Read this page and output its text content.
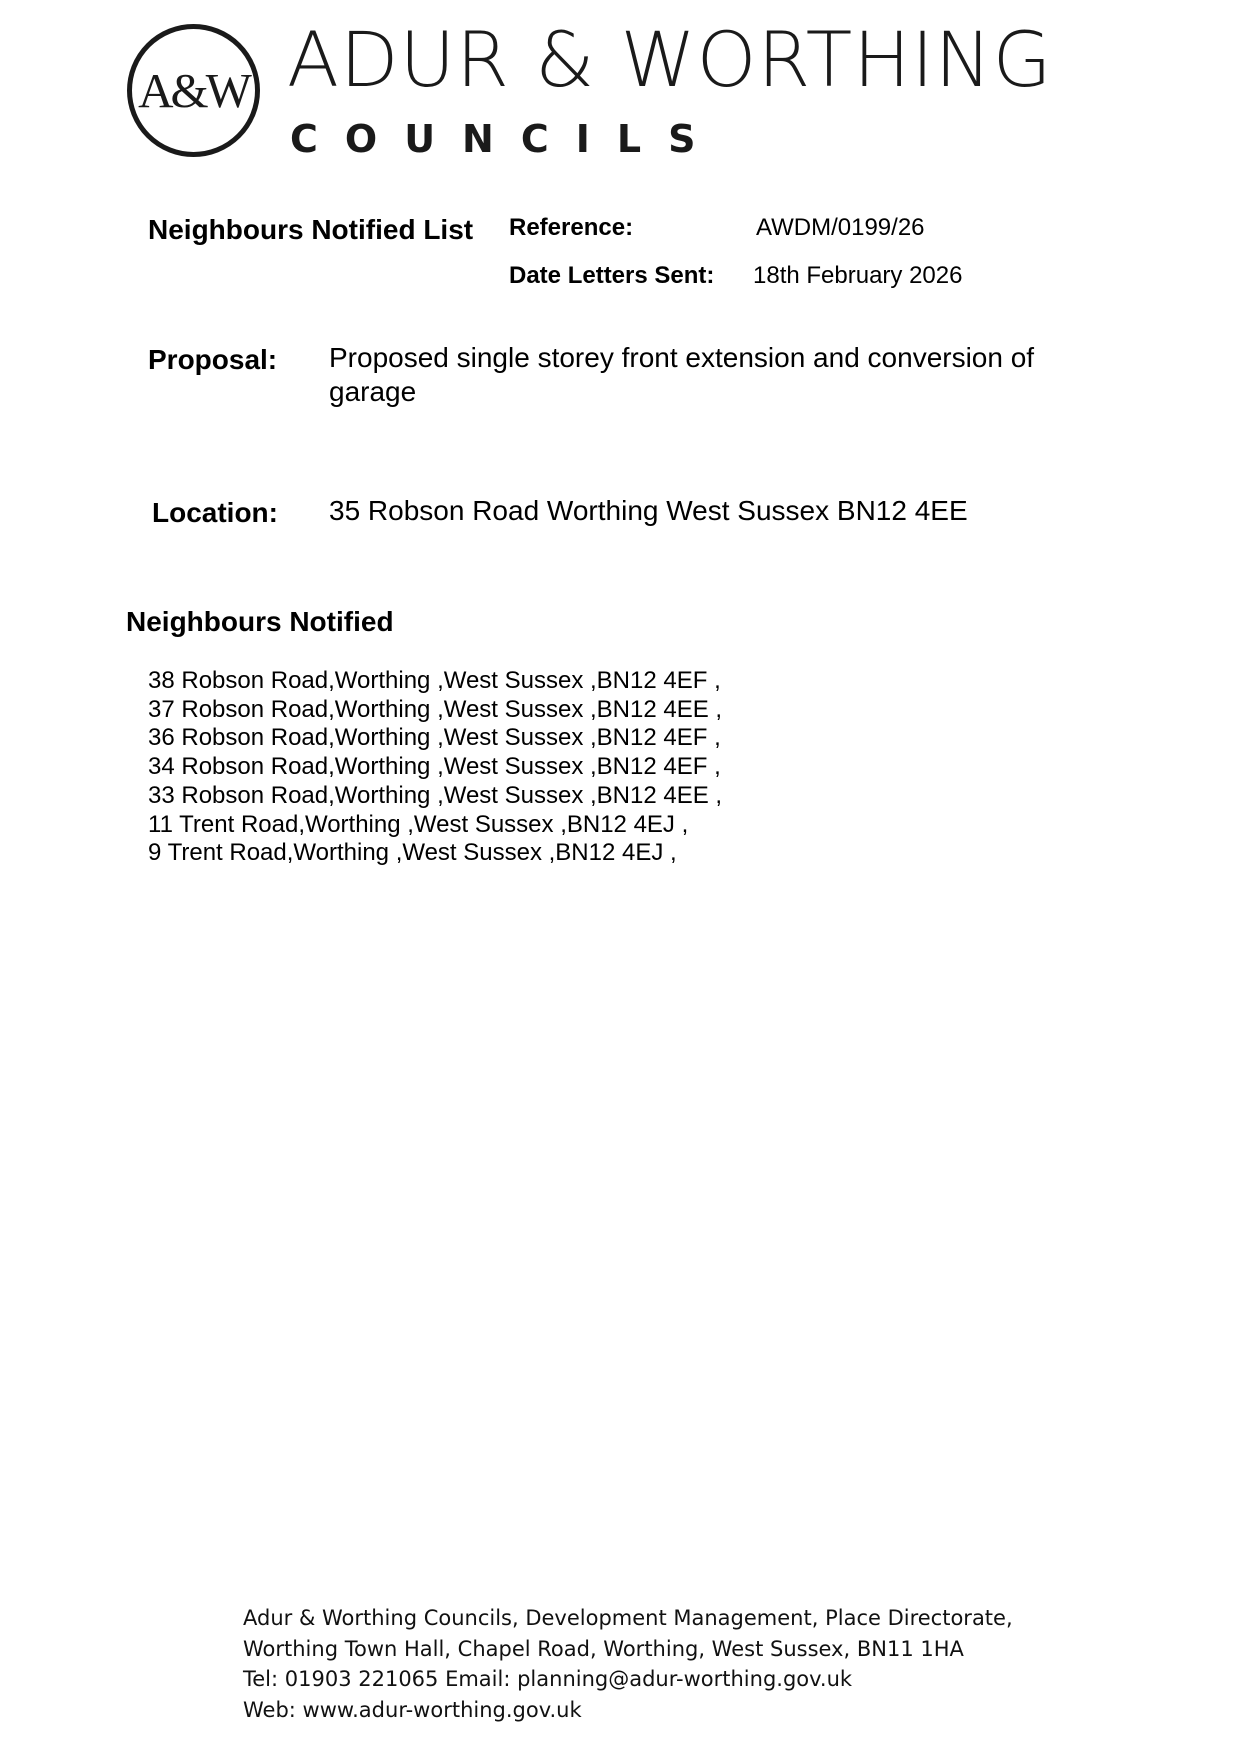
A&W ADUR & WORTHING
COUNCILS
Neighbours Notified List Reference:	AWDM/0199/26
Date Letters Sent: 18th February 2026
Proposal: Proposed single storey front extension and conversion of garage
Location: 35 Robson Road Worthing West Sussex BN12 4EE
Neighbours Notified
38 Robson Road,Worthing ,West Sussex ,BN12 4EF ,
37 Robson Road,Worthing ,West Sussex ,BN12 4EE ,
36 Robson Road,Worthing ,West Sussex ,BN12 4EF ,
34 Robson Road,Worthing ,West Sussex ,BN12 4EF ,
33 Robson Road,Worthing ,West Sussex ,BN12 4EE ,
11 Trent Road,Worthing ,West Sussex ,BN12 4EJ ,
9 Trent Road,Worthing ,West Sussex ,BN12 4EJ ,
Adur & Worthing Councils, Development Management, Place Directorate,
Worthing Town Hall, Chapel Road, Worthing, West Sussex, BN11 1HA
Tel: 01903 221065 Email: planning@adur-worthing.gov.uk
Web: www.adur-worthing.gov.uk
